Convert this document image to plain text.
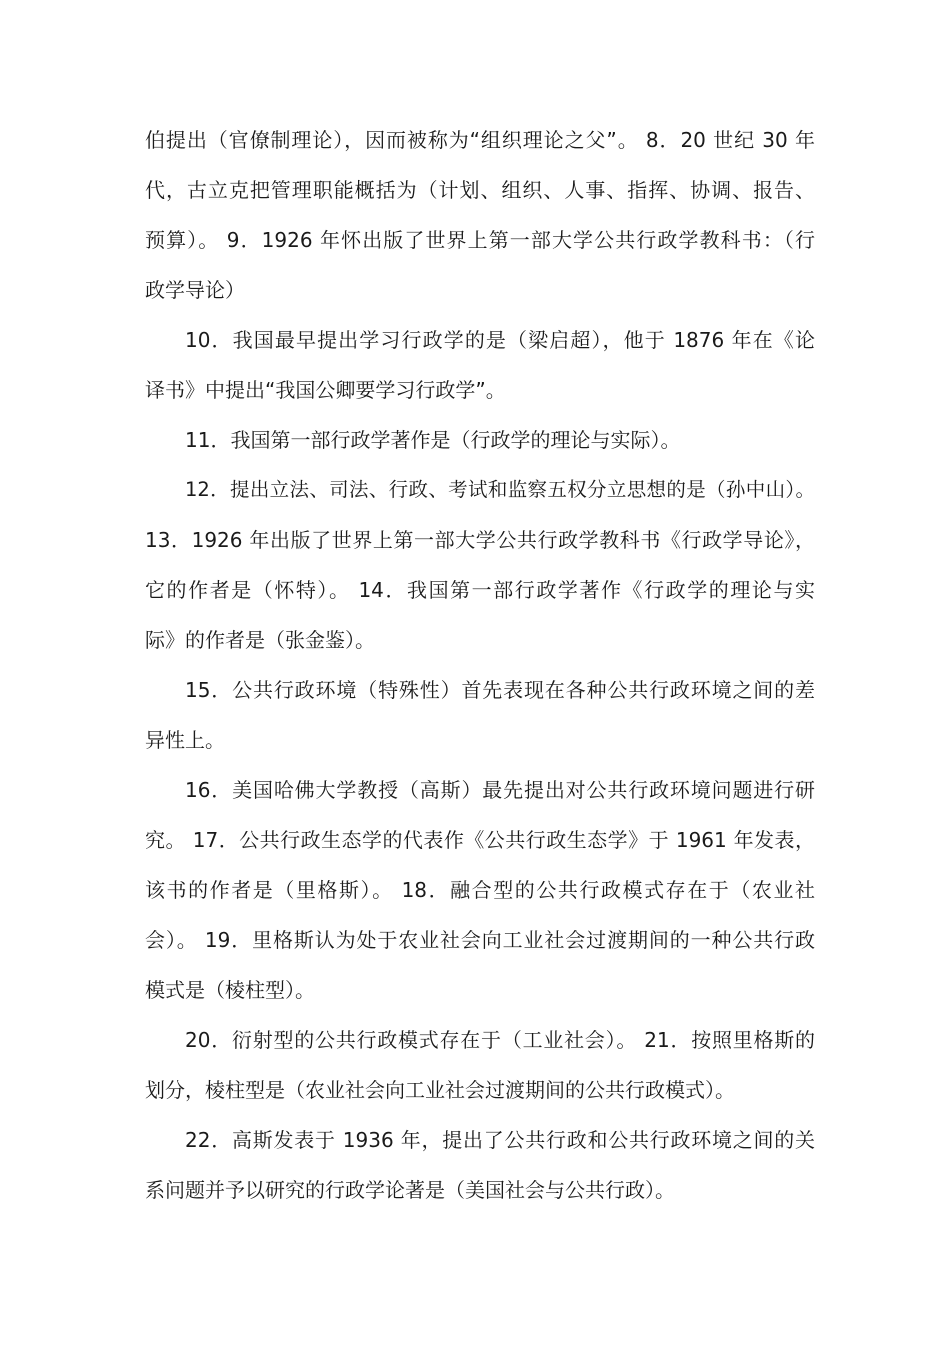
伯提出（官僚制理论），因而被称为“组织理论之父”。 8．20 世纪 30 年
代，古立克把管理职能概括为（计划、组织、人事、指挥、协调、报告、
预算）。 9．1926 年怀出版了世界上第一部大学公共行政学教科书：（行
政学导论）
10．我国最早提出学习行政学的是（梁启超），他于 1876 年在《论
译书》中提出“我国公卿要学习行政学”。
11．我国第一部行政学著作是（行政学的理论与实际）。
12．提出立法、司法、行政、考试和监察五权分立思想的是（孙中山）。
13．1926 年出版了世界上第一部大学公共行政学教科书《行政学导论》，
它的作者是（怀特）。 14．我国第一部行政学著作《行政学的理论与实
际》的作者是（张金鉴）。
15．公共行政环境（特殊性）首先表现在各种公共行政环境之间的差
异性上。
16．美国哈佛大学教授（高斯）最先提出对公共行政环境问题进行研
究。 17．公共行政生态学的代表作《公共行政生态学》于 1961 年发表，
该书的作者是（里格斯）。 18．融合型的公共行政模式存在于（农业社
会）。 19．里格斯认为处于农业社会向工业社会过渡期间的一种公共行政
模式是（棱柱型）。
20．衍射型的公共行政模式存在于（工业社会）。 21．按照里格斯的
划分，棱柱型是（农业社会向工业社会过渡期间的公共行政模式）。
22．高斯发表于 1936 年，提出了公共行政和公共行政环境之间的关
系问题并予以研究的行政学论著是（美国社会与公共行政）。
